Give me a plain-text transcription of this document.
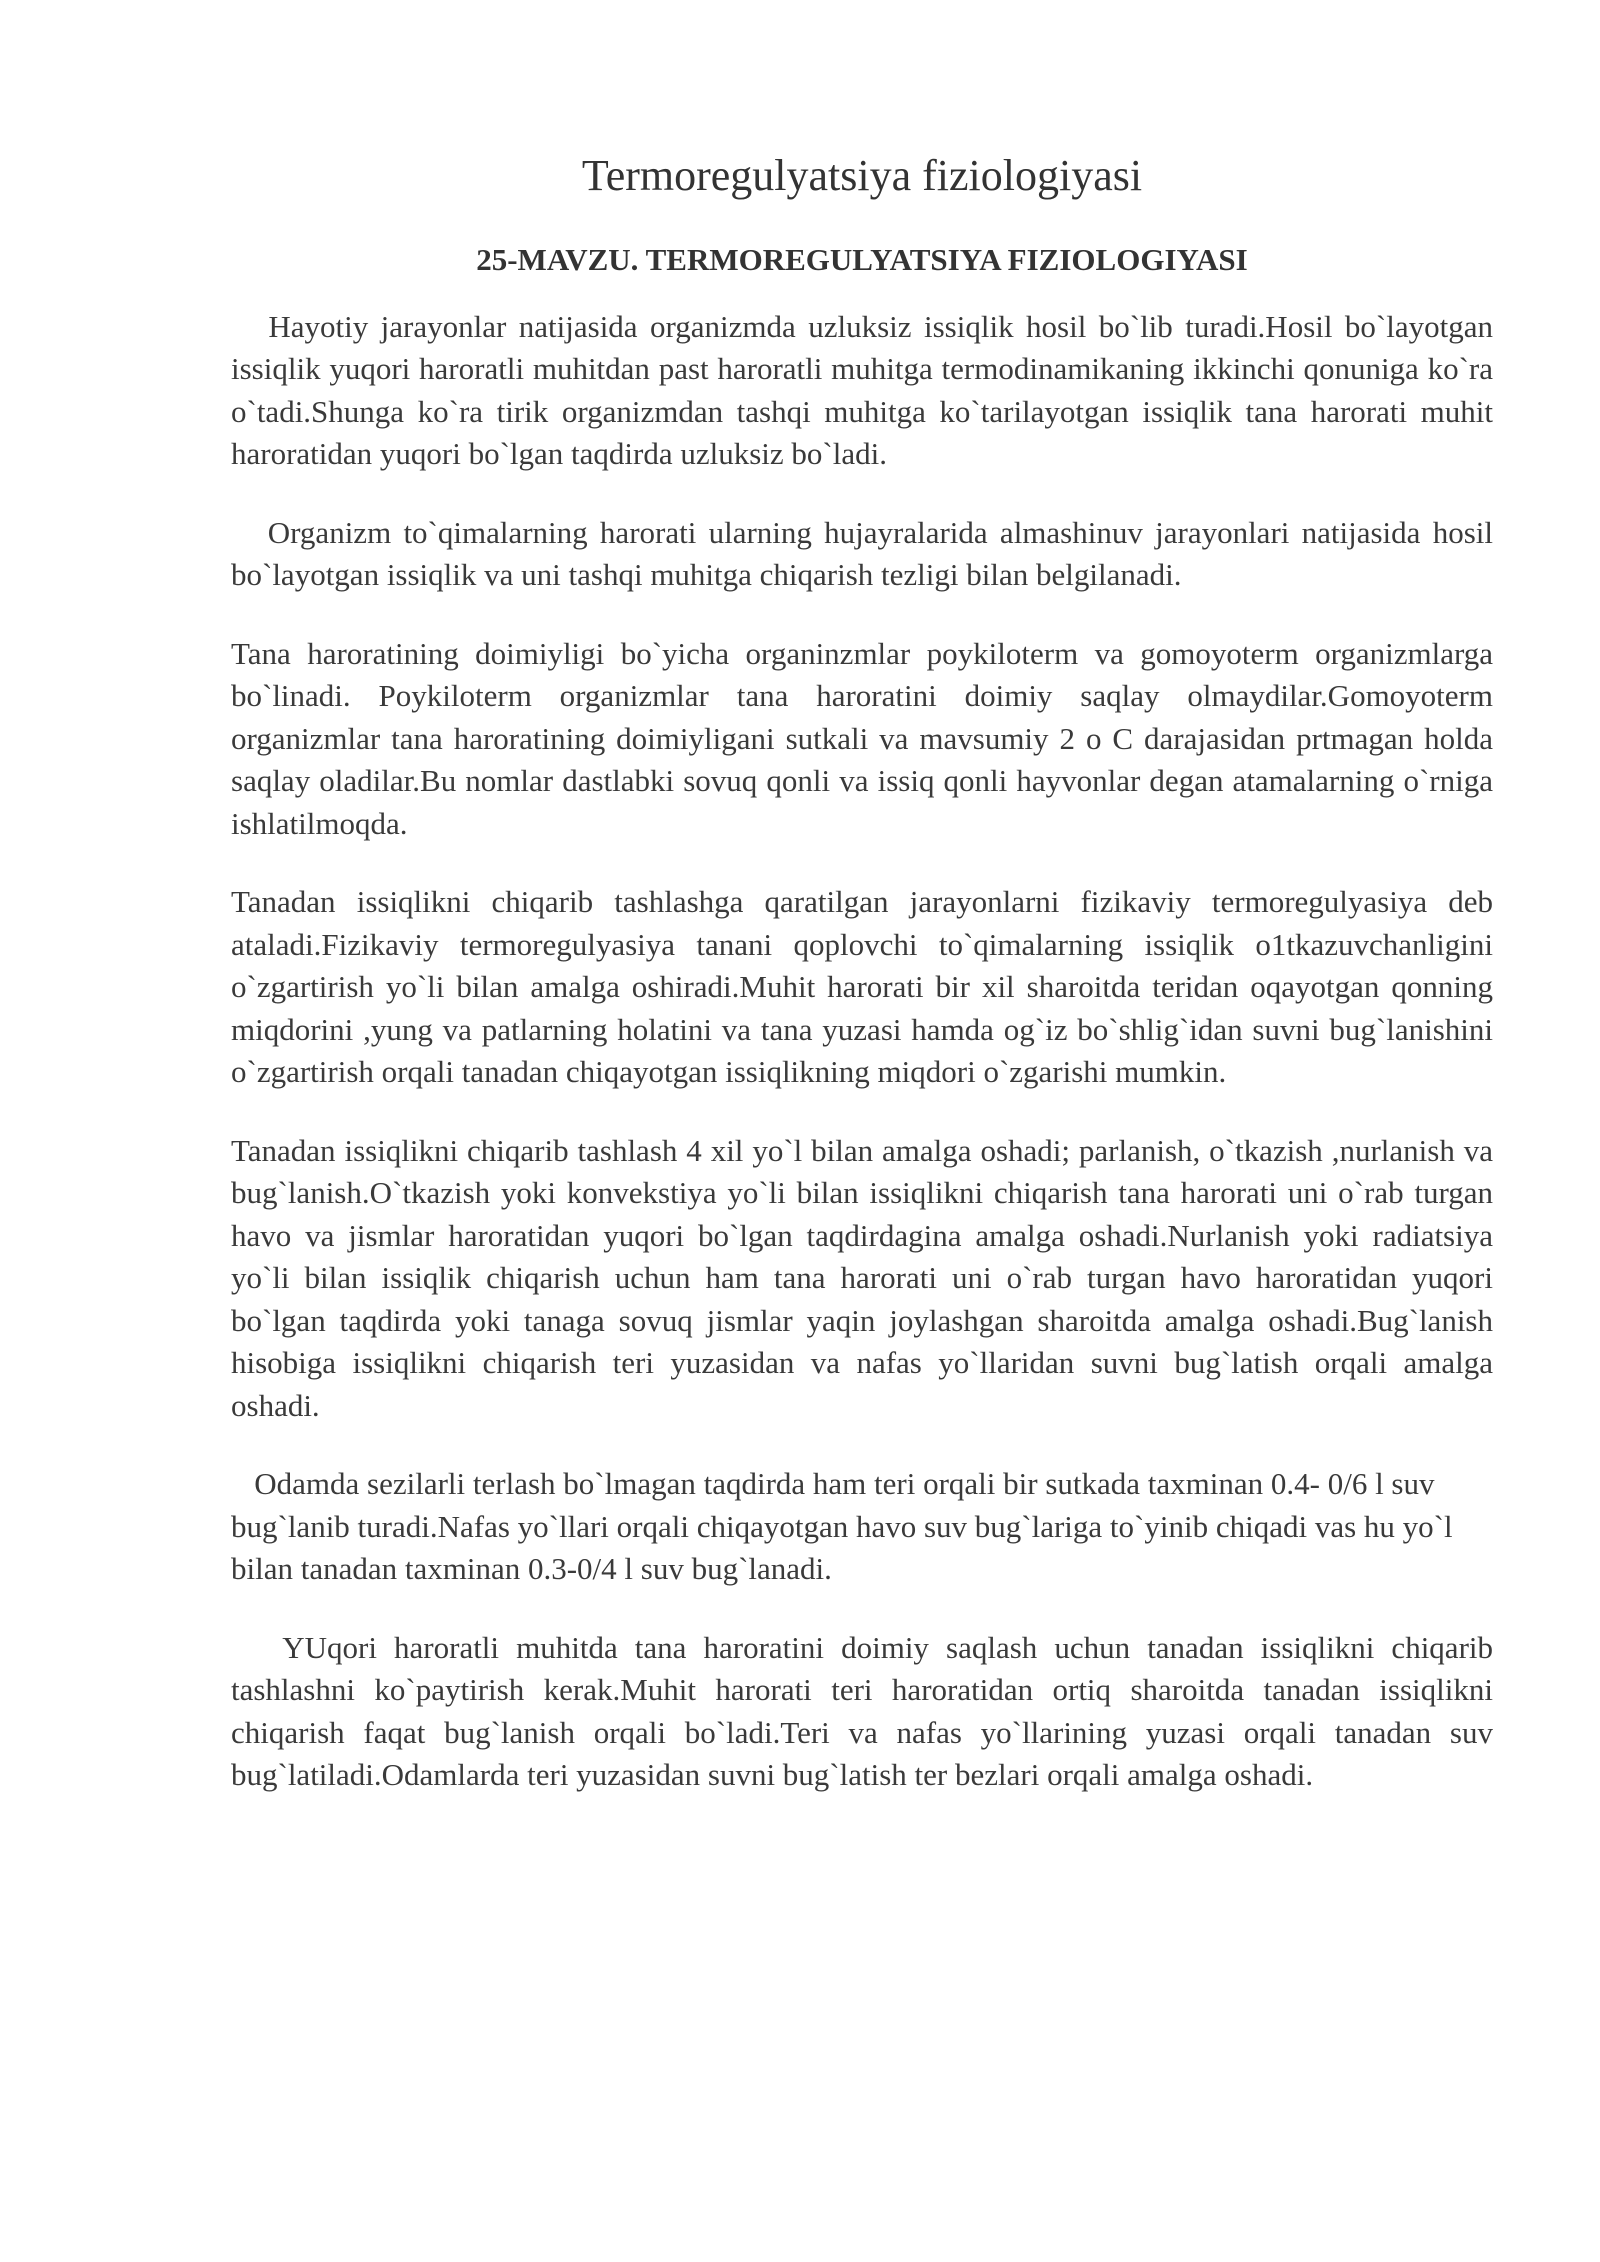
Termoregulyatsiya fiziologiyasi
25-MAVZU. TERMOREGULYATSIYA FIZIOLOGIYASI

Hayotiy jarayonlar natijasida organizmda uzluksiz issiqlik hosil bo`lib turadi.Hosil bo`layotgan issiqlik yuqori haroratli muhitdan past haroratli muhitga termodinamikaning ikkinchi qonuniga ko`ra o`tadi.Shunga ko`ra tirik organizmdan tashqi muhitga ko`tarilayotgan issiqlik tana harorati muhit haroratidan yuqori bo`lgan taqdirda uzluksiz bo`ladi.

Organizm to`qimalarning harorati ularning hujayralarida almashinuv jarayonlari natijasida hosil bo`layotgan issiqlik va uni tashqi muhitga chiqarish tezligi bilan belgilanadi.

Tana haroratining doimiyligi bo`yicha organinzmlar poykiloterm va gomoyoterm organizmlarga bo`linadi. Poykiloterm organizmlar tana haroratini doimiy saqlay olmaydilar.Gomoyoterm organizmlar tana haroratining doimiyligani sutkali va mavsumiy 2 o C darajasidan prtmagan holda saqlay oladilar.Bu nomlar dastlabki sovuq qonli va issiq qonli hayvonlar degan atamalarning o`rniga ishlatilmoqda.

Tanadan issiqlikni chiqarib tashlashga qaratilgan jarayonlarni fizikaviy termoregulyasiya deb ataladi.Fizikaviy termoregulyasiya tanani qoplovchi to`qimalarning issiqlik o1tkazuvchanligini o`zgartirish yo`li bilan amalga oshiradi.Muhit harorati bir xil sharoitda teridan oqayotgan qonning miqdorini ,yung va patlarning holatini va tana yuzasi hamda og`iz bo`shlig`idan suvni bug`lanishini o`zgartirish orqali tanadan chiqayotgan issiqlikning miqdori o`zgarishi mumkin.

Tanadan issiqlikni chiqarib tashlash 4 xil yo`l bilan amalga oshadi; parlanish, o`tkazish ,nurlanish va bug`lanish.O`tkazish yoki konvekstiya yo`li bilan issiqlikni chiqarish tana harorati uni o`rab turgan havo va jismlar haroratidan yuqori bo`lgan taqdirdagina amalga oshadi.Nurlanish yoki radiatsiya yo`li bilan issiqlik chiqarish uchun ham tana harorati uni o`rab turgan havo haroratidan yuqori bo`lgan taqdirda yoki tanaga sovuq jismlar yaqin joylashgan sharoitda amalga oshadi.Bug`lanish hisobiga issiqlikni chiqarish teri yuzasidan va nafas yo`llaridan suvni bug`latish orqali amalga oshadi.

Odamda sezilarli terlash bo`lmagan taqdirda ham teri orqali bir sutkada taxminan 0.4- 0/6 l suv bug`lanib turadi.Nafas yo`llari orqali chiqayotgan havo suv bug`lariga to`yinib chiqadi vas hu yo`l bilan tanadan taxminan 0.3-0/4 l suv bug`lanadi.

YUqori haroratli muhitda tana haroratini doimiy saqlash uchun tanadan issiqlikni chiqarib tashlashni ko`paytirish kerak.Muhit harorati teri haroratidan ortiq sharoitda tanadan issiqlikni chiqarish faqat bug`lanish orqali bo`ladi.Teri va nafas yo`llarining yuzasi orqali tanadan suv bug`latiladi.Odamlarda teri yuzasidan suvni bug`latish ter bezlari orqali amalga oshadi.
